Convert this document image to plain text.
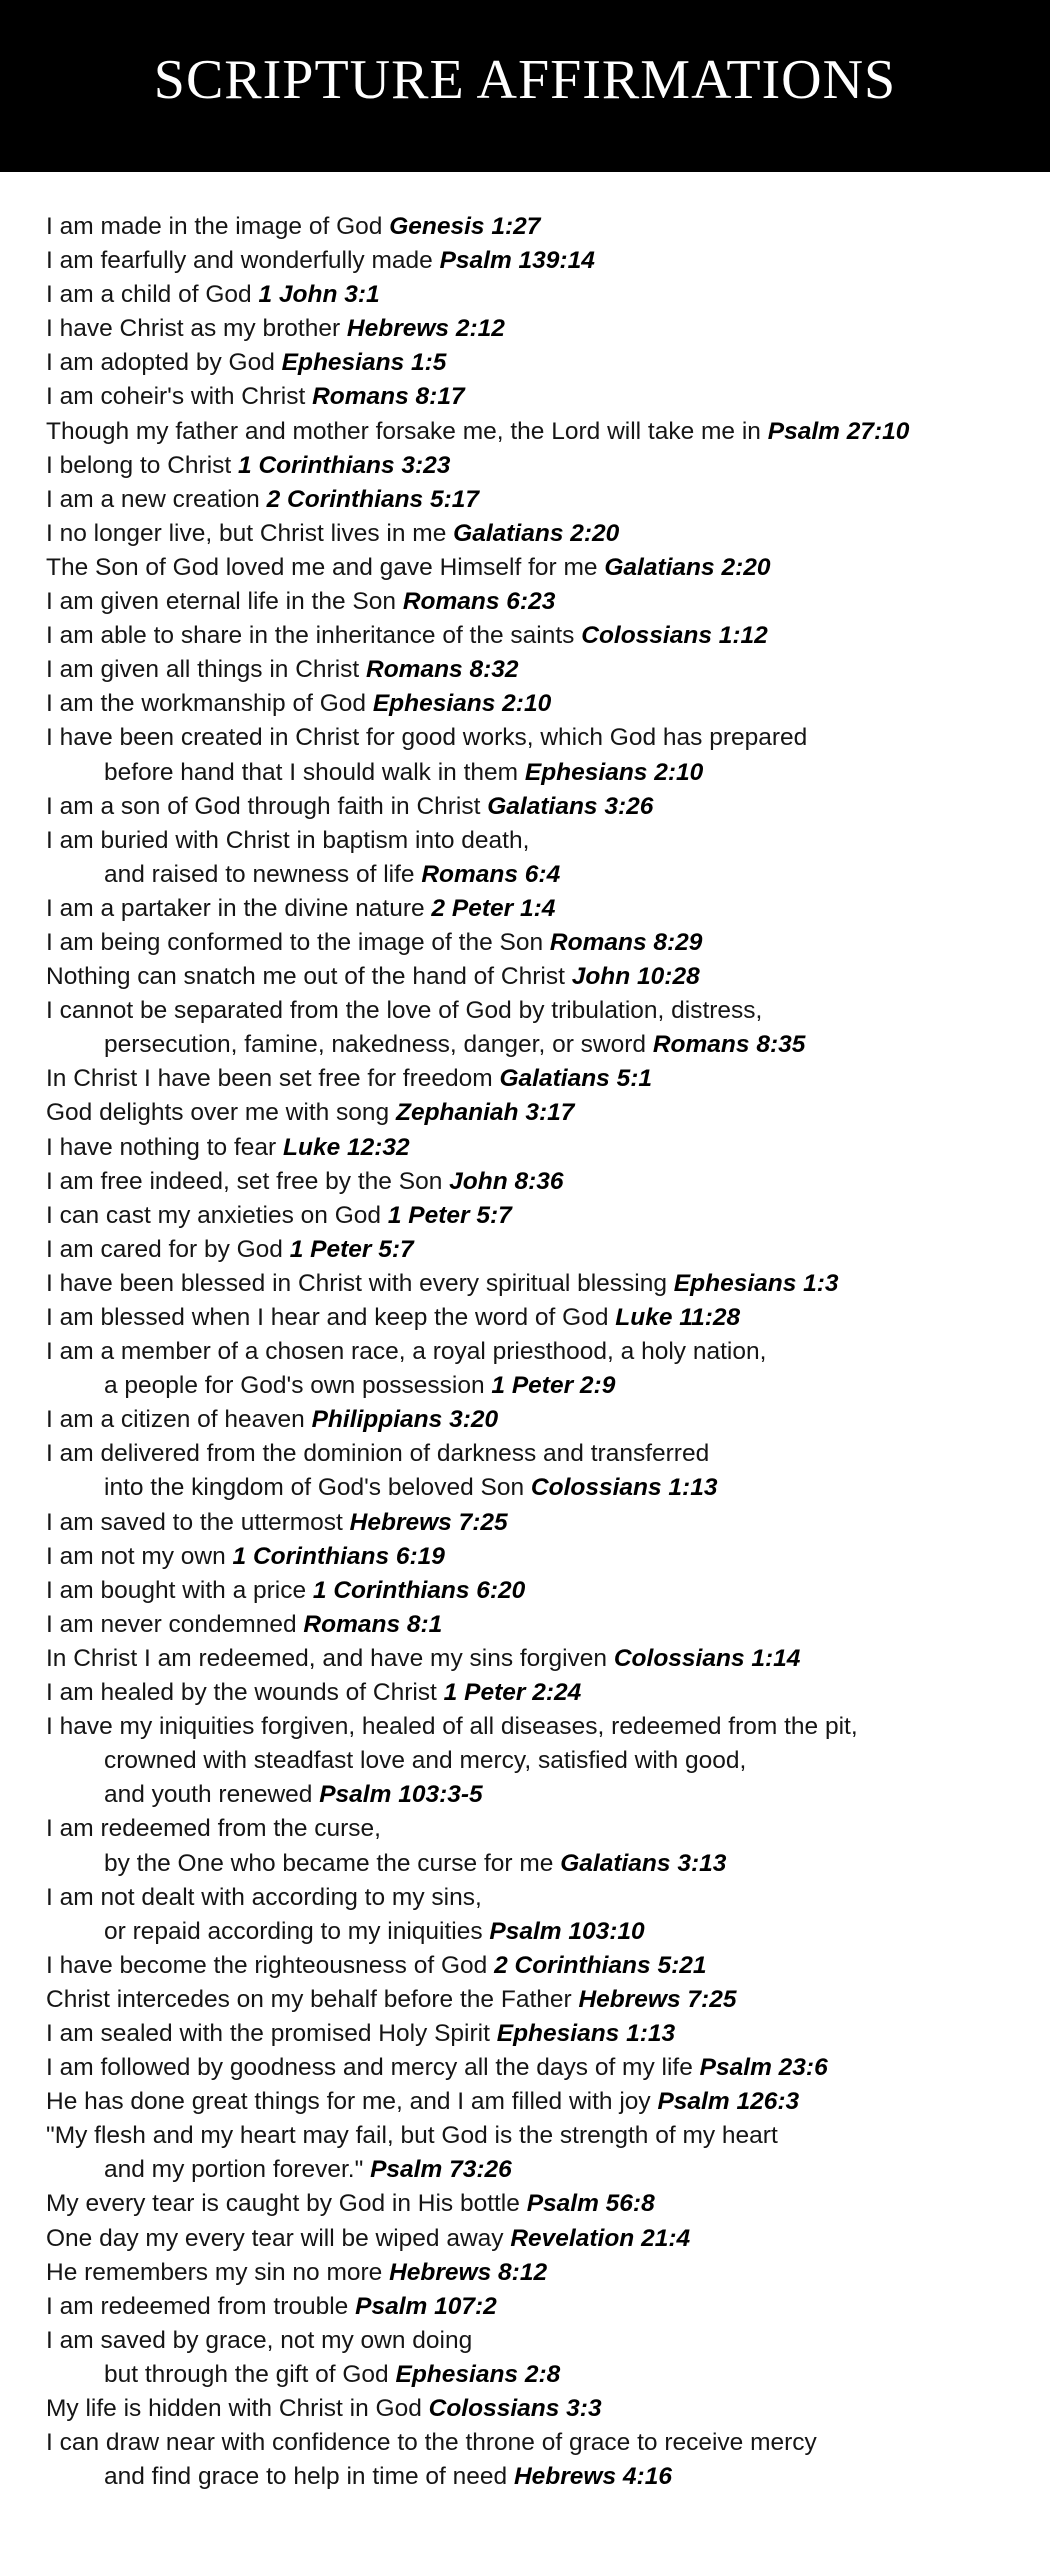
SCRIPTURE AFFIRMATIONS
I am made in the image of God Genesis 1:27
I am fearfully and wonderfully made Psalm 139:14
I am a child of God 1 John 3:1
I have Christ as my brother Hebrews 2:12
I am adopted by God Ephesians 1:5
I am coheir's with Christ Romans 8:17
Though my father and mother forsake me, the Lord will take me in Psalm 27:10
I belong to Christ 1 Corinthians 3:23
I am a new creation 2 Corinthians 5:17
I no longer live, but Christ lives in me Galatians 2:20
The Son of God loved me and gave Himself for me Galatians 2:20
I am given eternal life in the Son Romans 6:23
I am able to share in the inheritance of the saints Colossians 1:12
I am given all things in Christ Romans 8:32
I am the workmanship of God Ephesians 2:10
I have been created in Christ for good works, which God has prepared
before hand that I should walk in them Ephesians 2:10
I am a son of God through faith in Christ Galatians 3:26
I am buried with Christ in baptism into death,
and raised to newness of life Romans 6:4
I am a partaker in the divine nature 2 Peter 1:4
I am being conformed to the image of the Son Romans 8:29
Nothing can snatch me out of the hand of Christ John 10:28
I cannot be separated from the love of God by tribulation, distress,
persecution, famine, nakedness, danger, or sword Romans 8:35
In Christ I have been set free for freedom Galatians 5:1
God delights over me with song Zephaniah 3:17
I have nothing to fear Luke 12:32
I am free indeed, set free by the Son John 8:36
I can cast my anxieties on God 1 Peter 5:7
I am cared for by God 1 Peter 5:7
I have been blessed in Christ with every spiritual blessing Ephesians 1:3
I am blessed when I hear and keep the word of God Luke 11:28
I am a member of a chosen race, a royal priesthood, a holy nation,
a people for God's own possession 1 Peter 2:9
I am a citizen of heaven Philippians 3:20
I am delivered from the dominion of darkness and transferred
into the kingdom of God's beloved Son Colossians 1:13
I am saved to the uttermost Hebrews 7:25
I am not my own 1 Corinthians 6:19
I am bought with a price 1 Corinthians 6:20
I am never condemned Romans 8:1
In Christ I am redeemed, and have my sins forgiven Colossians 1:14
I am healed by the wounds of Christ 1 Peter 2:24
I have my iniquities forgiven, healed of all diseases, redeemed from the pit,
crowned with steadfast love and mercy, satisfied with good,
and youth renewed Psalm 103:3-5
I am redeemed from the curse,
by the One who became the curse for me Galatians 3:13
I am not dealt with according to my sins,
or repaid according to my iniquities Psalm 103:10
I have become the righteousness of God 2 Corinthians 5:21
Christ intercedes on my behalf before the Father Hebrews 7:25
I am sealed with the promised Holy Spirit Ephesians 1:13
I am followed by goodness and mercy all the days of my life Psalm 23:6
He has done great things for me, and I am filled with joy Psalm 126:3
"My flesh and my heart may fail, but God is the strength of my heart
and my portion forever." Psalm 73:26
My every tear is caught by God in His bottle Psalm 56:8
One day my every tear will be wiped away Revelation 21:4
He remembers my sin no more Hebrews 8:12
I am redeemed from trouble Psalm 107:2
I am saved by grace, not my own doing
but through the gift of God Ephesians 2:8
My life is hidden with Christ in God Colossians 3:3
I can draw near with confidence to the throne of grace to receive mercy
and find grace to help in time of need Hebrews 4:16
